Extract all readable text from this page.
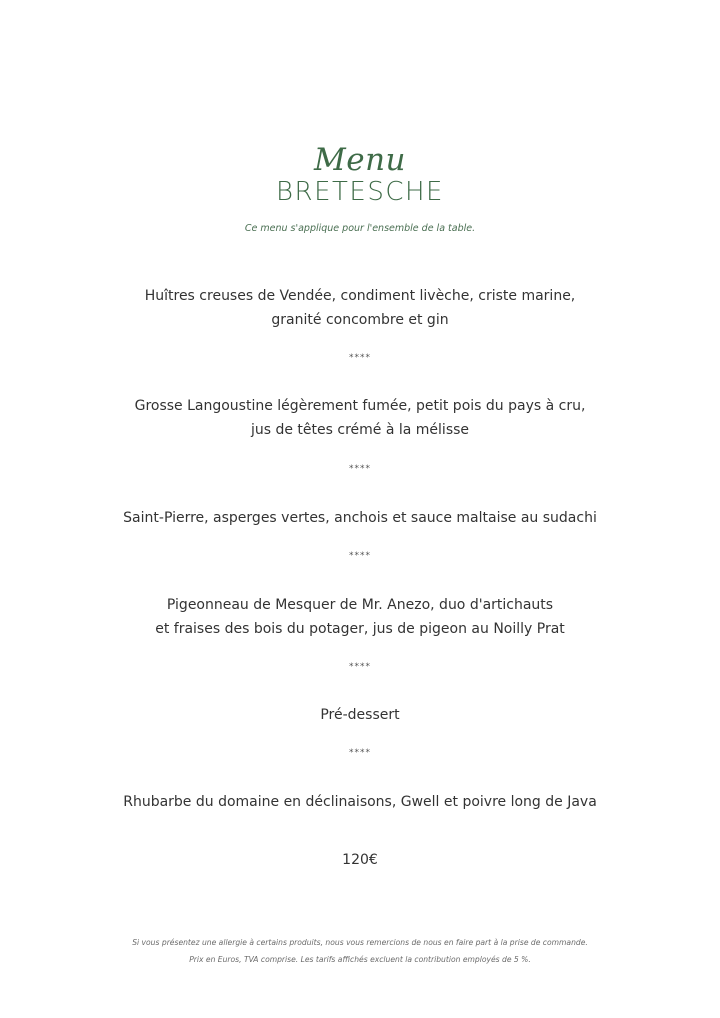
Menu
BRETESCHE
Ce menu s'applique pour l'ensemble de la table.

Huîtres creuses de Vendée, condiment livèche, criste marine,

granité concombre et gin

****

Grosse Langoustine légèrement fumée, petit pois du pays à cru,

jus de têtes crémé à la mélisse

****

Saint-Pierre, asperges vertes, anchois et sauce maltaise au sudachi

****

Pigeonneau de Mesquer de Mr. Anezo, duo d'artichauts

et fraises des bois du potager, jus de pigeon au Noilly Prat

****

Pré-dessert

****

Rhubarbe du domaine en déclinaisons, Gwell et poivre long de Java

120€
Si vous présentez une allergie à certains produits, nous vous remercions de nous en faire part à la prise de commande.
Prix en Euros, TVA comprise. Les tarifs affichés excluent la contribution employés de 5 %.
